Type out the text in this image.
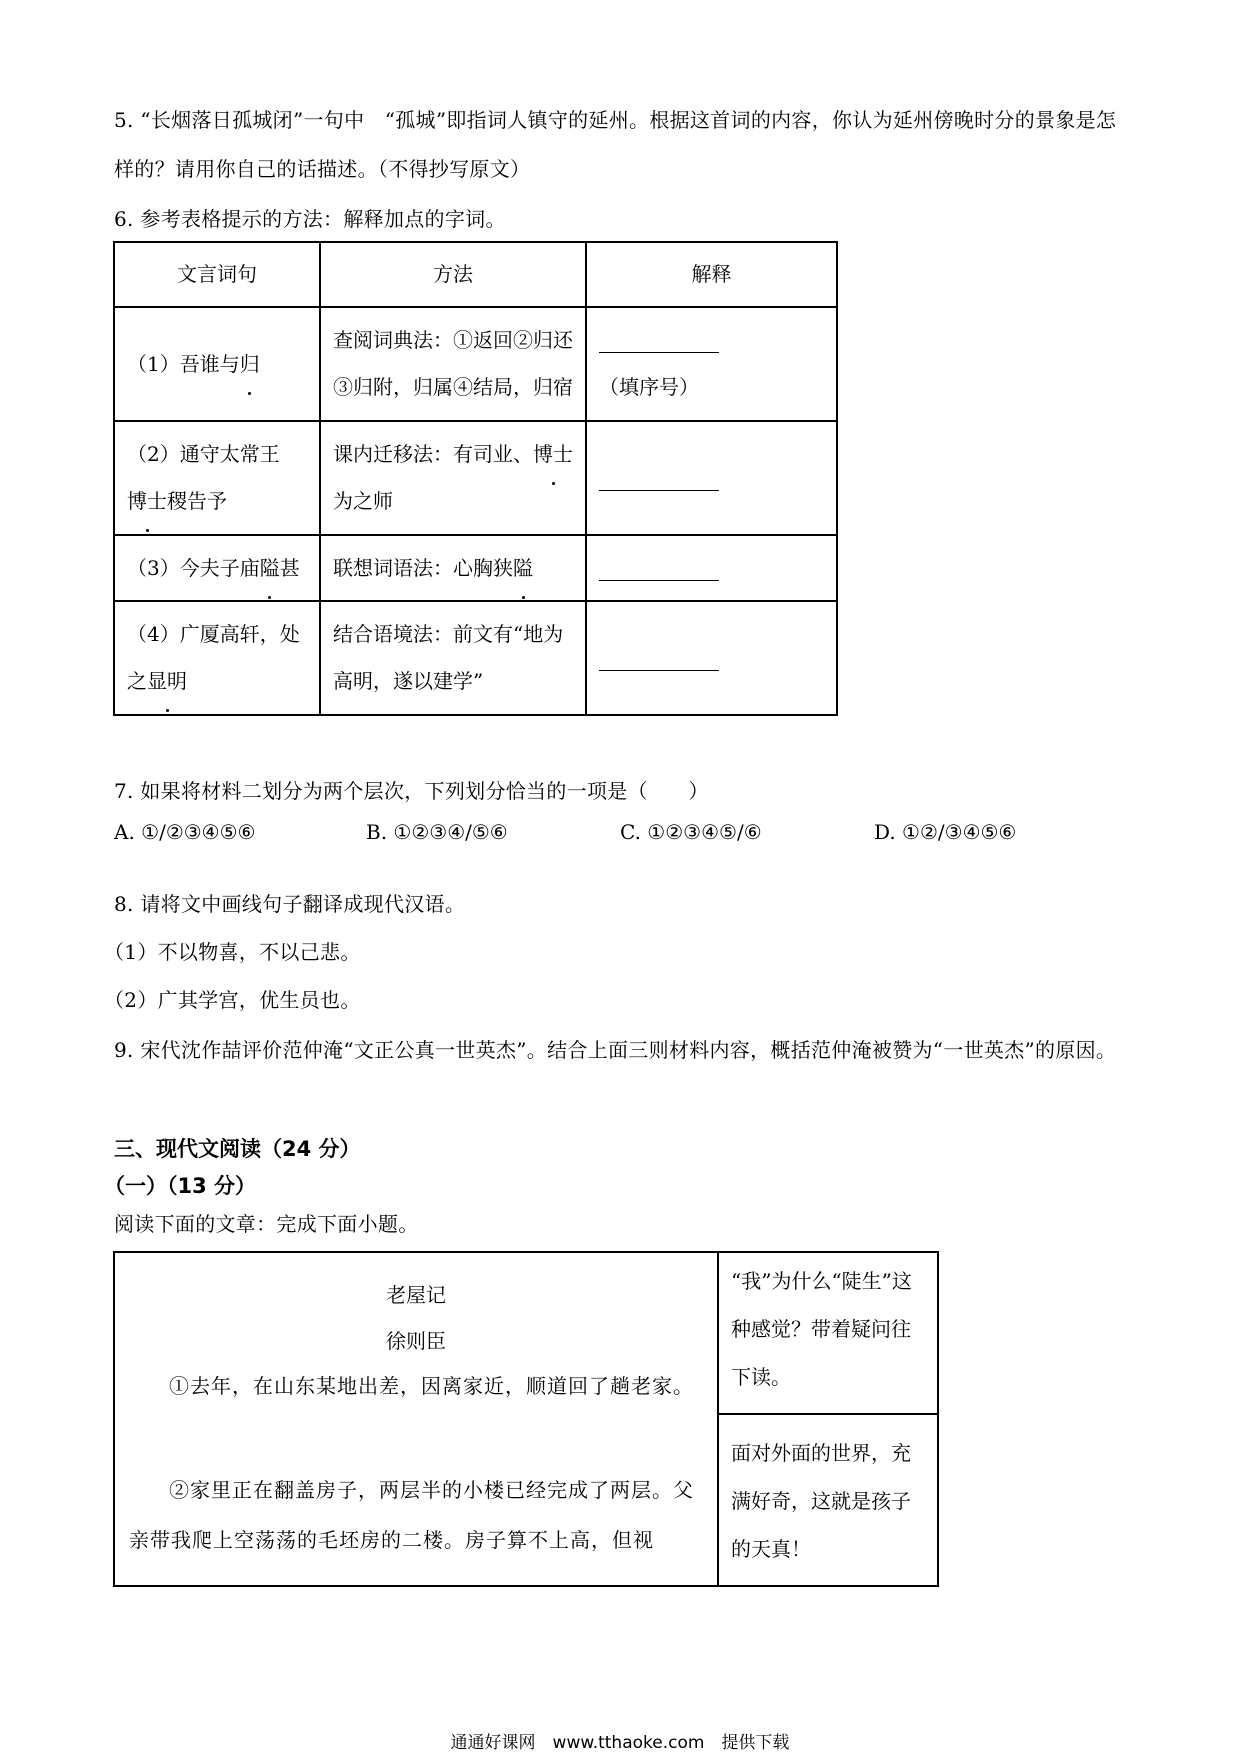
5. “长烟落日孤城闭”一句中　“孤城”即指词人镇守的延州。根据这首词的内容，你认为延州傍晚时分的景象是怎样的？请用你自己的话描述。（不得抄写原文）

6. 参考表格提示的方法：解释加点的字词。

文言词句	方法	解释
（1）吾谁与归	查阅词典法：①返回②归还③归附，归属④结局，归宿	（填序号）
（2）通守太常王博士稷告予	课内迁移法：有司业、博士为之师	
（3）今夫子庙隘甚	联想词语法：心胸狭隘	
（4）广厦高轩，处之显明	结合语境法：前文有“地为高明，遂以建学”	

7. 如果将材料二划分为两个层次，下列划分恰当的一项是（　　）

A. ①/②③④⑤⑥	B. ①②③④/⑤⑥	C. ①②③④⑤/⑥	D. ①②/③④⑤⑥

8. 请将文中画线句子翻译成现代汉语。

（1）不以物喜，不以己悲。

（2）广其学宫，优生员也。

9. 宋代沈作喆评价范仲淹“文正公真一世英杰”。结合上面三则材料内容，概括范仲淹被赞为“一世英杰”的原因。

三、现代文阅读（24 分）

（一）（13 分）

阅读下面的文章：完成下面小题。

老屋记
徐则臣
①去年，在山东某地出差，因离家近，顺道回了趟老家。
②家里正在翻盖房子，两层半的小楼已经完成了两层。父亲带我爬上空荡荡的毛坯房的二楼。房子算不上高，但视
“我”为什么“陡生”这种感觉？带着疑问往下读。
面对外面的世界，充满好奇，这就是孩子的天真！
通通好课网　www.tthaoke.com　提供下载
